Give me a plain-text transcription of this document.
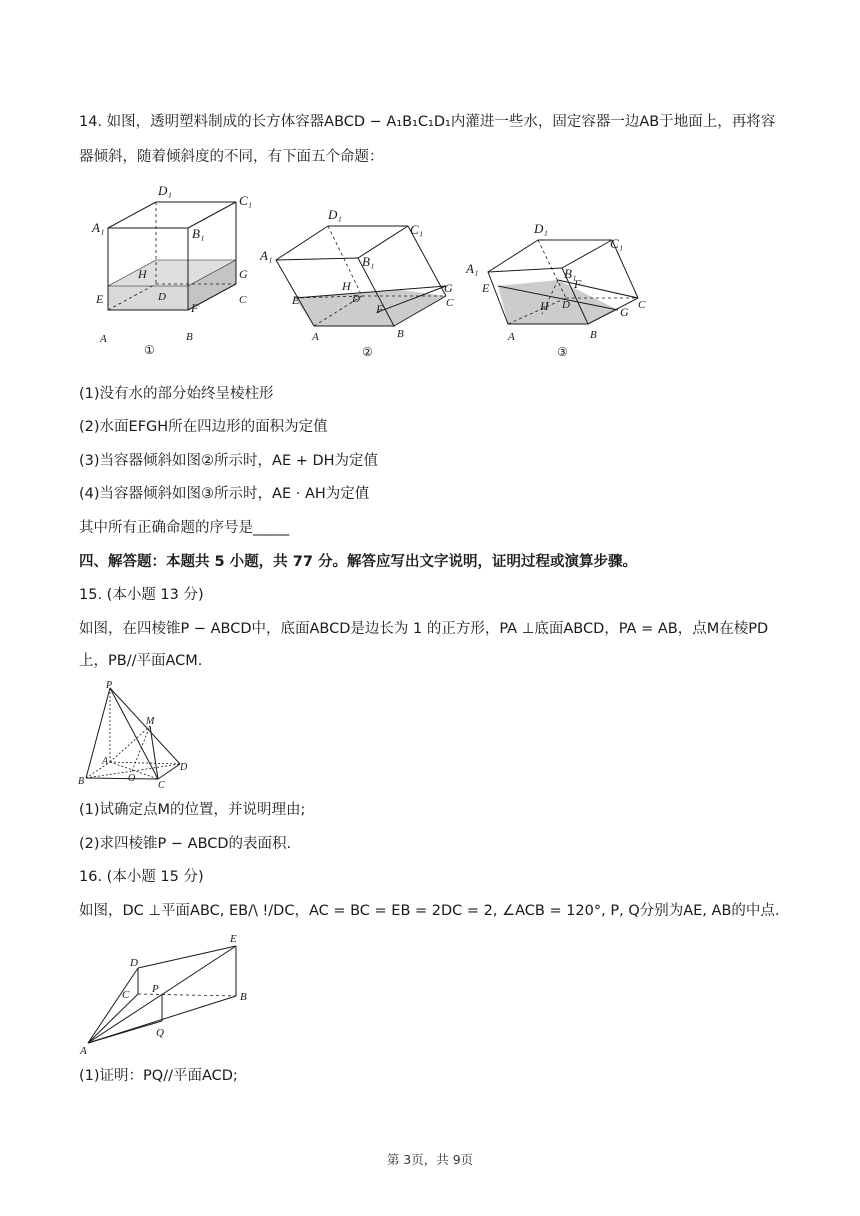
14. 如图，透明塑料制成的长方体容器ABCD − A₁B₁C₁D₁内灌进一些水，固定容器一边AB于地面上，再将容
器倾斜，随着倾斜度的不同，有下面五个命题：
D₁
C₁
A₁	B₁
H	G
E	D	C
F
A	B
①
D₁
C₁
A₁	B₁
H
D
G
C
E
F
A	B
②
D₁
C₁
A₁	B₁
F
E
H D	C
G
A	B
③
(1)没有水的部分始终呈棱柱形
(2)水面EFGH所在四边形的面积为定值
(3)当容器倾斜如图②所示时，AE + DH为定值
(4)当容器倾斜如图③所示时，AE · AH为定值
其中所有正确命题的序号是_____
四、解答题：本题共 5 小题，共 77 分。解答应写出文字说明，证明过程或演算步骤。
15. (本小题 13 分)
如图，在四棱锥P − ABCD中，底面ABCD是边长为 1 的正方形，PA ⊥底面ABCD，PA = AB，点M在棱PD
上，PB//平面ACM.
P
M
A
D
B	O
C
(1)试确定点M的位置，并说明理由;
(2)求四棱锥P − ABCD的表面积.
16. (本小题 15 分)
如图，DC ⊥平面ABC, EB/\ !/DC，AC = BC = EB = 2DC = 2, ∠ACB = 120°, P, Q分别为AE, AB的中点.
D
E
C P
B
Q
A
(1)证明：PQ//平面ACD;
第 3页，共 9页
